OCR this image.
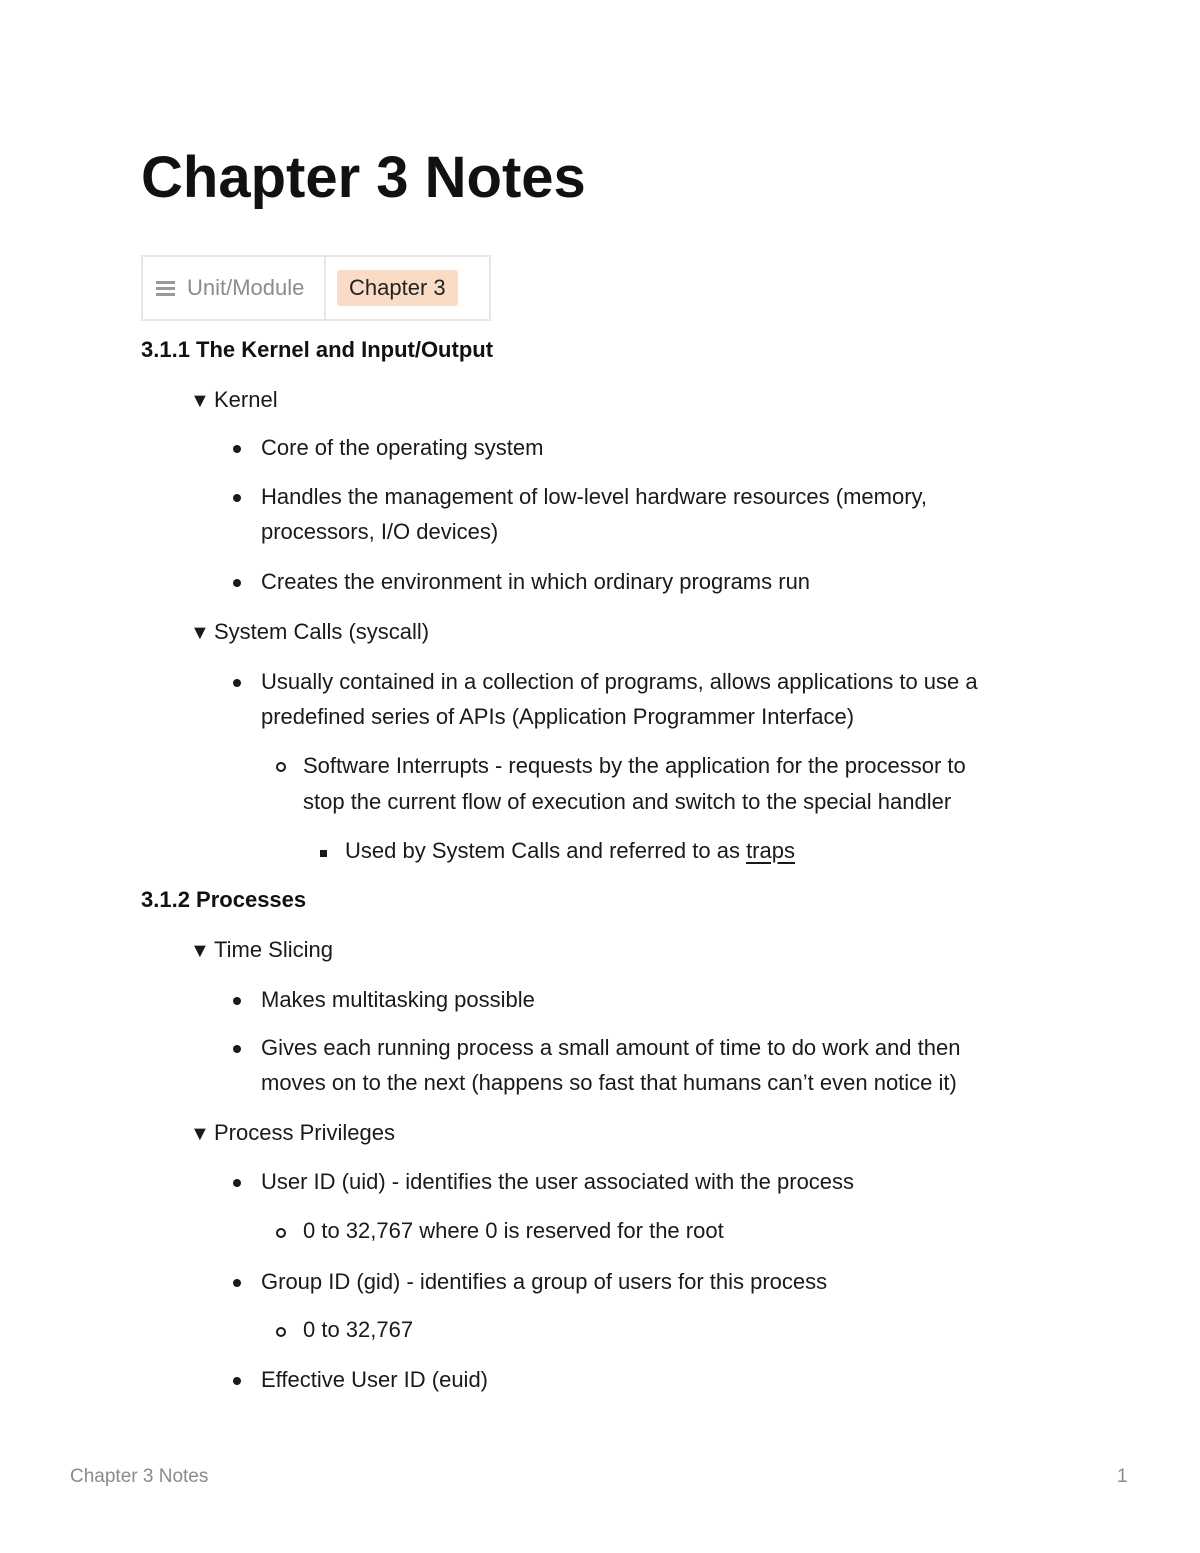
Chapter 3 Notes
Unit/Module	Chapter 3
3.1.1 The Kernel and Input/Output
▼ Kernel
Core of the operating system
Handles the management of low-level hardware resources (memory,
processors, I/O devices)
Creates the environment in which ordinary programs run
▼ System Calls (syscall)
Usually contained in a collection of programs, allows applications to use a
predefined series of APIs (Application Programmer Interface)
Software Interrupts - requests by the application for the processor to
stop the current flow of execution and switch to the special handler
Used by System Calls and referred to as traps
3.1.2 Processes
▼ Time Slicing
Makes multitasking possible
Gives each running process a small amount of time to do work and then
moves on to the next (happens so fast that humans can’t even notice it)
▼ Process Privileges
User ID (uid) - identifies the user associated with the process
0 to 32,767 where 0 is reserved for the root
Group ID (gid) - identifies a group of users for this process
0 to 32,767
Effective User ID (euid)
Chapter 3 Notes	1
